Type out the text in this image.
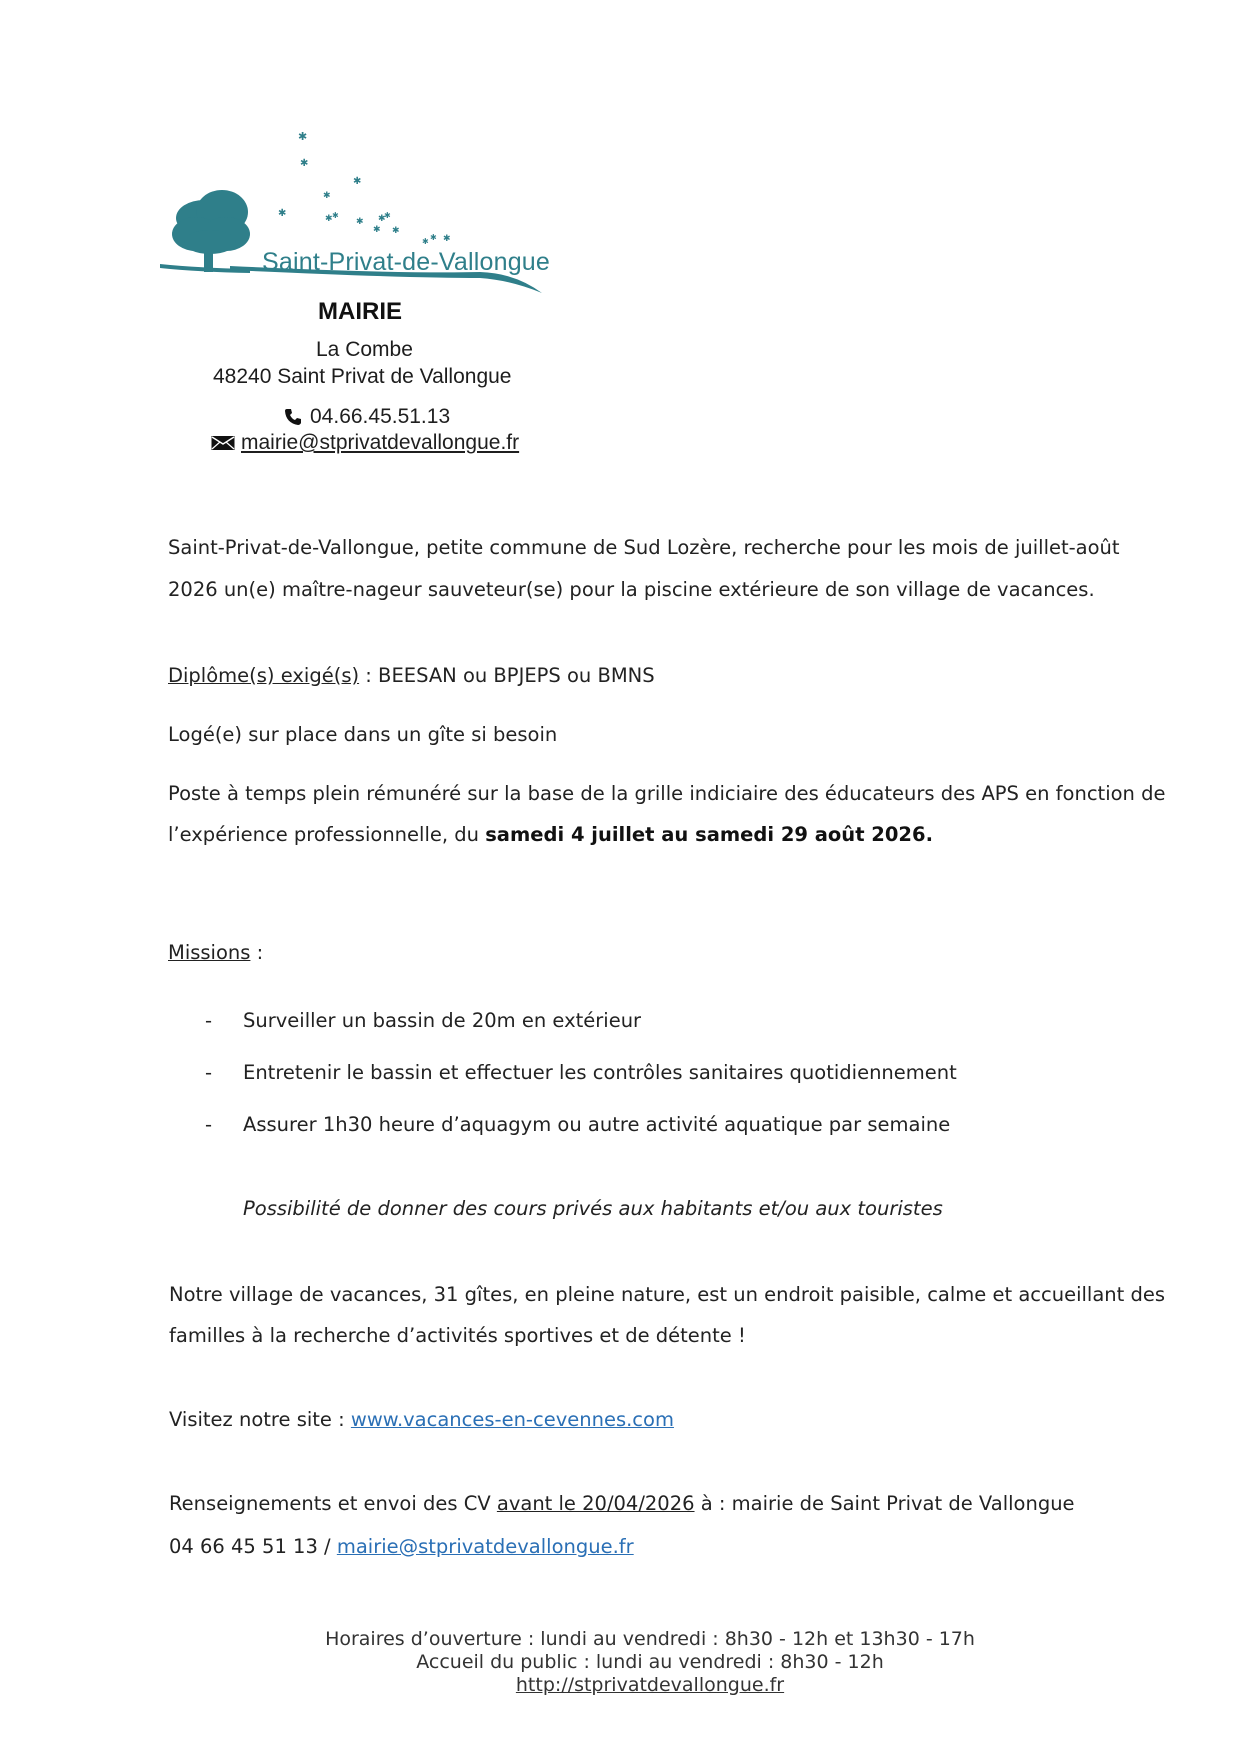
✱
✱
✱
✱
✱	✱ ✱
✱ ✱
✱
✱ ✱
✱ ✱ ✱
Saint-Privat-de-Vallongue
MAIRIE
La Combe
48240 Saint Privat de Vallongue
04.66.45.51.13
mairie@stprivatdevallongue.fr
Saint-Privat-de-Vallongue, petite commune de Sud Lozère, recherche pour les mois de juillet-août
2026 un(e) maître-nageur sauveteur(se) pour la piscine extérieure de son village de vacances.
Diplôme(s) exigé(s) : BEESAN ou BPJEPS ou BMNS
Logé(e) sur place dans un gîte si besoin
Poste à temps plein rémunéré sur la base de la grille indiciaire des éducateurs des APS en fonction de
l’expérience professionnelle, du samedi 4 juillet au samedi 29 août 2026.
Missions :
-	Surveiller un bassin de 20m en extérieur
-	Entretenir le bassin et effectuer les contrôles sanitaires quotidiennement
-	Assurer 1h30 heure d’aquagym ou autre activité aquatique par semaine
Possibilité de donner des cours privés aux habitants et/ou aux touristes
Notre village de vacances, 31 gîtes, en pleine nature, est un endroit paisible, calme et accueillant des
familles à la recherche d’activités sportives et de détente !
Visitez notre site : www.vacances-en-cevennes.com
Renseignements et envoi des CV avant le 20/04/2026 à : mairie de Saint Privat de Vallongue
04 66 45 51 13 / mairie@stprivatdevallongue.fr
Horaires d’ouverture : lundi au vendredi : 8h30 - 12h et 13h30 - 17h
Accueil du public : lundi au vendredi : 8h30 - 12h
http://stprivatdevallongue.fr
